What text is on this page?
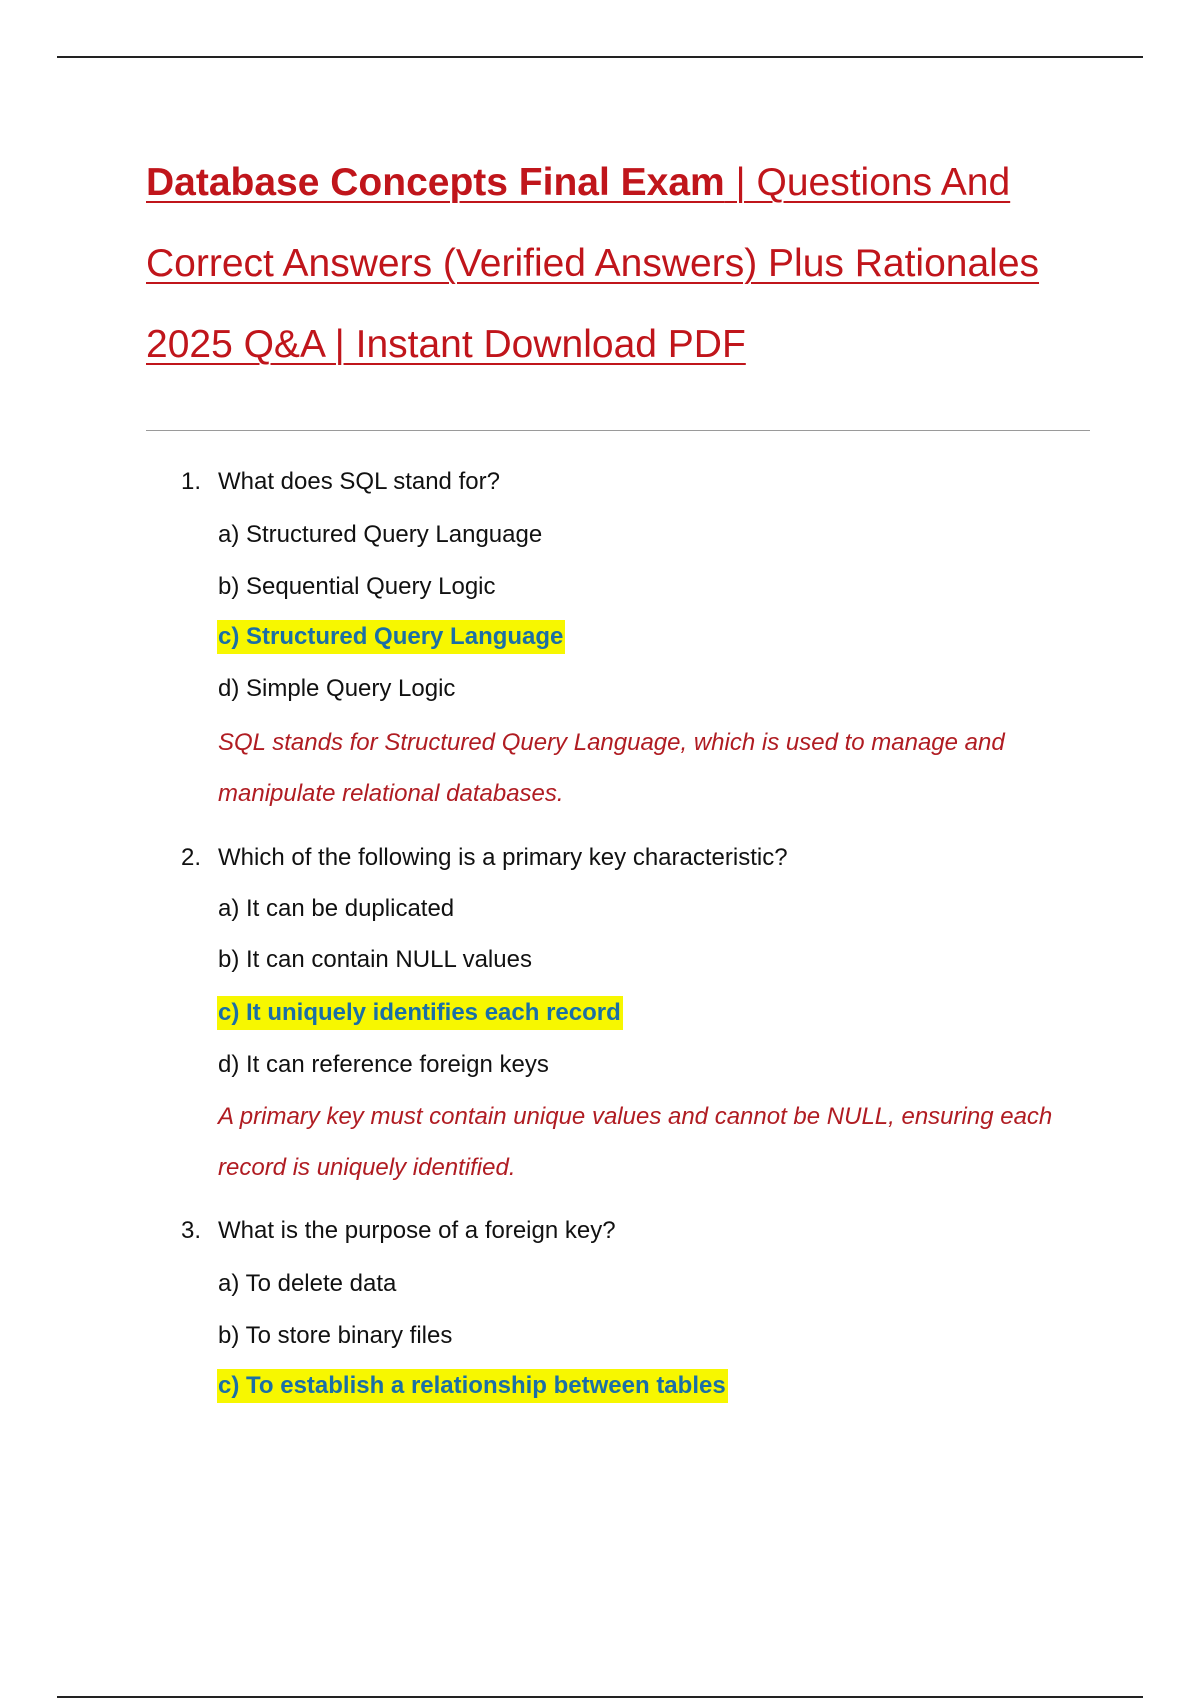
Database Concepts Final Exam | Questions And
Correct Answers (Verified Answers) Plus Rationales
2025 Q&A | Instant Download PDF
1. What does SQL stand for?
a) Structured Query Language
b) Sequential Query Logic
c) Structured Query Language
d) Simple Query Logic
SQL stands for Structured Query Language, which is used to manage and manipulate relational databases.
2. Which of the following is a primary key characteristic?
a) It can be duplicated
b) It can contain NULL values
c) It uniquely identifies each record
d) It can reference foreign keys
A primary key must contain unique values and cannot be NULL, ensuring each record is uniquely identified.
3. What is the purpose of a foreign key?
a) To delete data
b) To store binary files
c) To establish a relationship between tables
